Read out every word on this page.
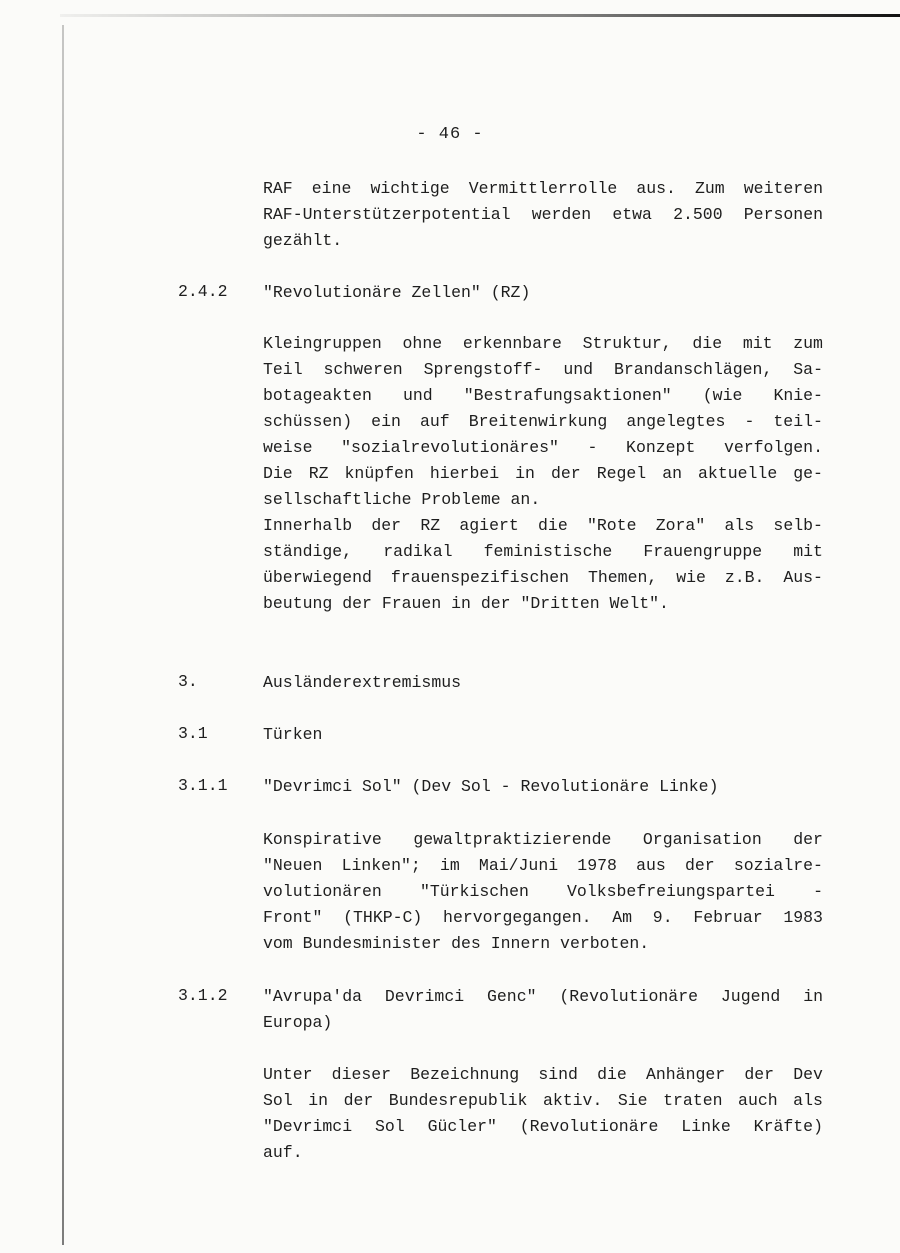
- 46 -
RAF eine wichtige Vermittlerrolle aus. Zum weiteren
RAF-Unterstützerpotential werden etwa 2.500 Personen
gezählt.
2.4.2 "Revolutionäre Zellen" (RZ)
Kleingruppen ohne erkennbare Struktur, die mit zum
Teil schweren Sprengstoff- und Brandanschlägen, Sa-
botageakten und "Bestrafungsaktionen" (wie Knie-
schüssen) ein auf Breitenwirkung angelegtes - teil-
weise "sozialrevolutionäres" - Konzept verfolgen.
Die RZ knüpfen hierbei in der Regel an aktuelle ge-
sellschaftliche Probleme an.
Innerhalb der RZ agiert die "Rote Zora" als selb-
ständige, radikal feministische Frauengruppe mit
überwiegend frauenspezifischen Themen, wie z.B. Aus-
beutung der Frauen in der "Dritten Welt".
3.	Ausländerextremismus
3.1	Türken
3.1.1 "Devrimci Sol" (Dev Sol - Revolutionäre Linke)
Konspirative gewaltpraktizierende Organisation der
"Neuen Linken"; im Mai/Juni 1978 aus der sozialre-
volutionären "Türkischen Volksbefreiungspartei -
Front" (THKP-C) hervorgegangen. Am 9. Februar 1983
vom Bundesminister des Innern verboten.
3.1.2 "Avrupa'da Devrimci Genc" (Revolutionäre Jugend in
Europa)
Unter dieser Bezeichnung sind die Anhänger der Dev
Sol in der Bundesrepublik aktiv. Sie traten auch als
"Devrimci Sol Gücler" (Revolutionäre Linke Kräfte)
auf.
